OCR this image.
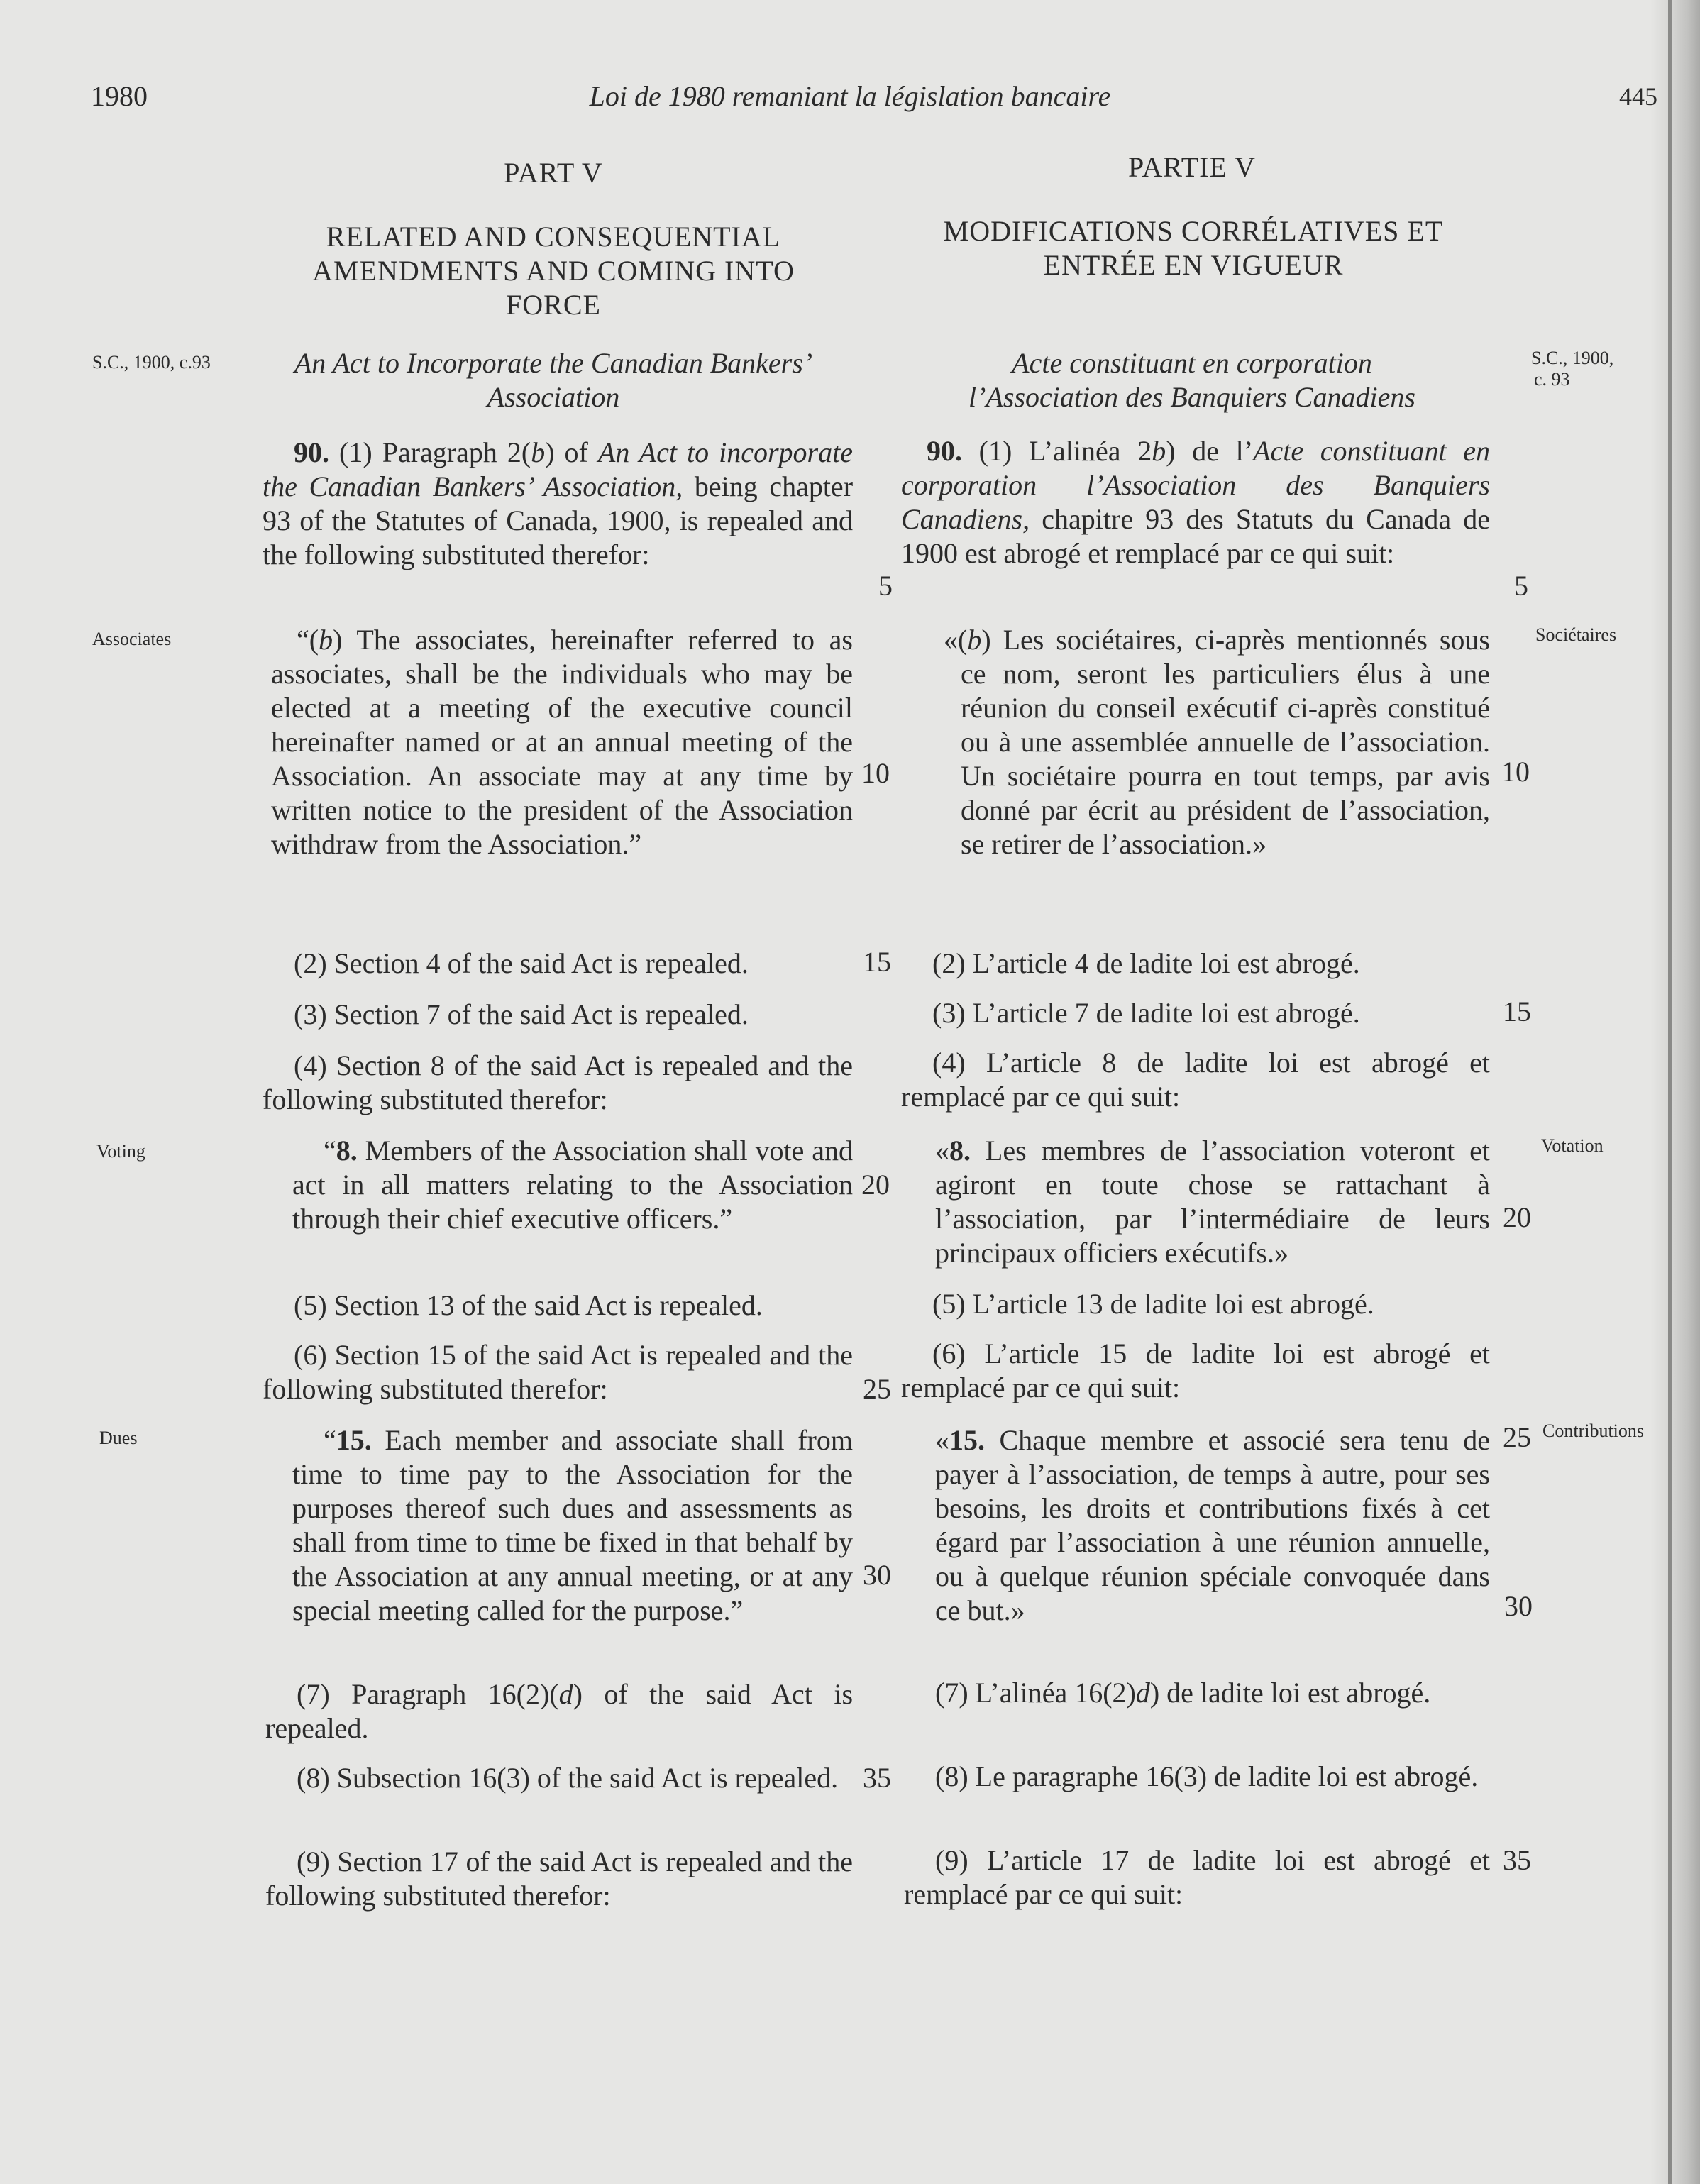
1980	Loi de 1980 remaniant la législation bancaire	445
PART V	PARTIE V
RELATED AND CONSEQUENTIAL AMENDMENTS AND COMING INTO FORCE
MODIFICATIONS CORRÉLATIVES ET ENTRÉE EN VIGUEUR
S.C., 1900, c.93
Associates
Voting
Dues
S.C., 1900,
c. 93
Sociétaires
Votation
Contributions
An Act to Incorporate the Canadian Bankers’ Association

90. (1) Paragraph 2(b) of An Act to incorporate the Canadian Bankers’ Association, being chapter 93 of the Statutes of Canada, 1900, is repealed and the following substituted therefor:

“(b) The associates, hereinafter referred to as associates, shall be the individuals who may be elected at a meeting of the executive council hereinafter named or at an annual meeting of the Association. An associate may at any time by written notice to the president of the Association withdraw from the Association.”

(2) Section 4 of the said Act is repealed.

(3) Section 7 of the said Act is repealed.

(4) Section 8 of the said Act is repealed and the following substituted therefor:

“8. Members of the Association shall vote and act in all matters relating to the Association through their chief executive officers.”

(5) Section 13 of the said Act is repealed.

(6) Section 15 of the said Act is repealed and the following substituted therefor:

“15. Each member and associate shall from time to time pay to the Association for the purposes thereof such dues and assessments as shall from time to time be fixed in that behalf by the Association at any annual meeting, or at any special meeting called for the purpose.”

(7) Paragraph 16(2)(d) of the said Act is repealed.

(8) Subsection 16(3) of the said Act is repealed.

(9) Section 17 of the said Act is repealed and the following substituted therefor:

5
10
15
20
25
30
35
Acte constituant en corporation
l’Association des Banquiers Canadiens

90. (1) L’alinéa 2b) de l’Acte constituant en corporation l’Association des Banquiers Canadiens, chapitre 93 des Statuts du Canada de 1900 est abrogé et remplacé par ce qui suit:

«(b) Les sociétaires, ci-après mentionnés sous ce nom, seront les particuliers élus à une réunion du conseil exécutif ci-après constitué ou à une assemblée annuelle de l’association. Un sociétaire pourra en tout temps, par avis donné par écrit au président de l’association, se retirer de l’association.»

(2) L’article 4 de ladite loi est abrogé.

(3) L’article 7 de ladite loi est abrogé.

(4) L’article 8 de ladite loi est abrogé et remplacé par ce qui suit:

«8. Les membres de l’association voteront et agiront en toute chose se rattachant à l’association, par l’intermédiaire de leurs principaux officiers exécutifs.»

(5) L’article 13 de ladite loi est abrogé.

(6) L’article 15 de ladite loi est abrogé et remplacé par ce qui suit:

«15. Chaque membre et associé sera tenu de payer à l’association, de temps à autre, pour ses besoins, les droits et contributions fixés à cet égard par l’association à une réunion annuelle, ou à quelque réunion spéciale convoquée dans ce but.»

(7) L’alinéa 16(2)d) de ladite loi est abrogé.

(8) Le paragraphe 16(3) de ladite loi est abrogé.

(9) L’article 17 de ladite loi est abrogé et remplacé par ce qui suit:

5
10
15
20
25
30
35
